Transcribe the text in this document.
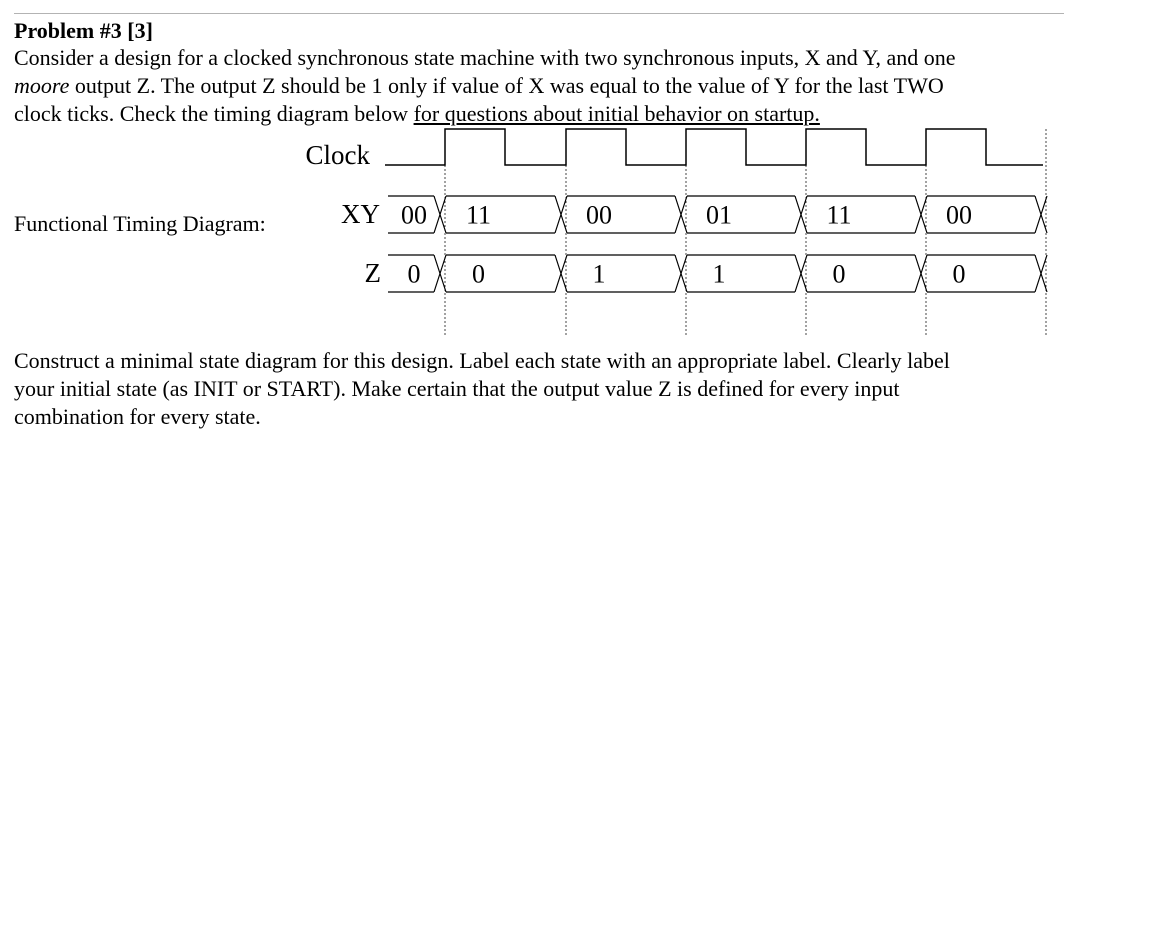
Problem #3 [3]
Consider a design for a clocked synchronous state machine with two synchronous inputs, X and Y, and one
moore output Z. The output Z should be 1 only if value of X was equal to the value of Y for the last TWO
clock ticks. Check the timing diagram below for questions about initial behavior on startup.
Functional Timing Diagram:	00 11	00	01	11	00
0 0	1	1	0	0
Clock
XY
Z
Construct a minimal state diagram for this design. Label each state with an appropriate label. Clearly label
your initial state (as INIT or START). Make certain that the output value Z is defined for every input
combination for every state.
